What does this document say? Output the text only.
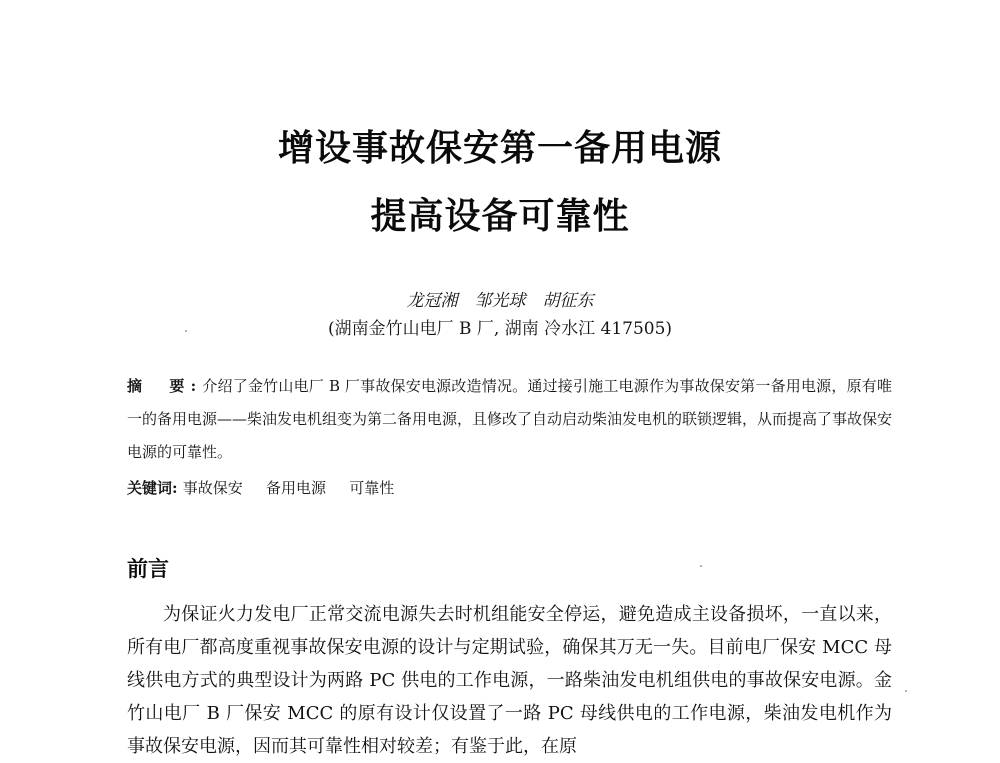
增设事故保安第一备用电源
提高设备可靠性
龙冠湘　邹光球　胡征东
(湖南金竹山电厂 B 厂, 湖南 冷水江 417505)
摘　要:介绍了金竹山电厂 B 厂事故保安电源改造情况。通过接引施工电源作为事故保安第一备用电源，原有唯一的备用电源——柴油发电机组变为第二备用电源，且修改了自动启动柴油发电机的联锁逻辑，从而提高了事故保安电源的可靠性。
关键词: 事故保安 备用电源 可靠性
前言

为保证火力发电厂正常交流电源失去时机组能安全停运，避免造成主设备损坏，一直以来，所有电厂都高度重视事故保安电源的设计与定期试验，确保其万无一失。目前电厂保安 MCC 母线供电方式的典型设计为两路 PC 供电的工作电源，一路柴油发电机组供电的事故保安电源。金竹山电厂 B 厂保安 MCC 的原有设计仅设置了一路 PC 母线供电的工作电源，柴油发电机作为事故保安电源，因而其可靠性相对较差；有鉴于此，在原
